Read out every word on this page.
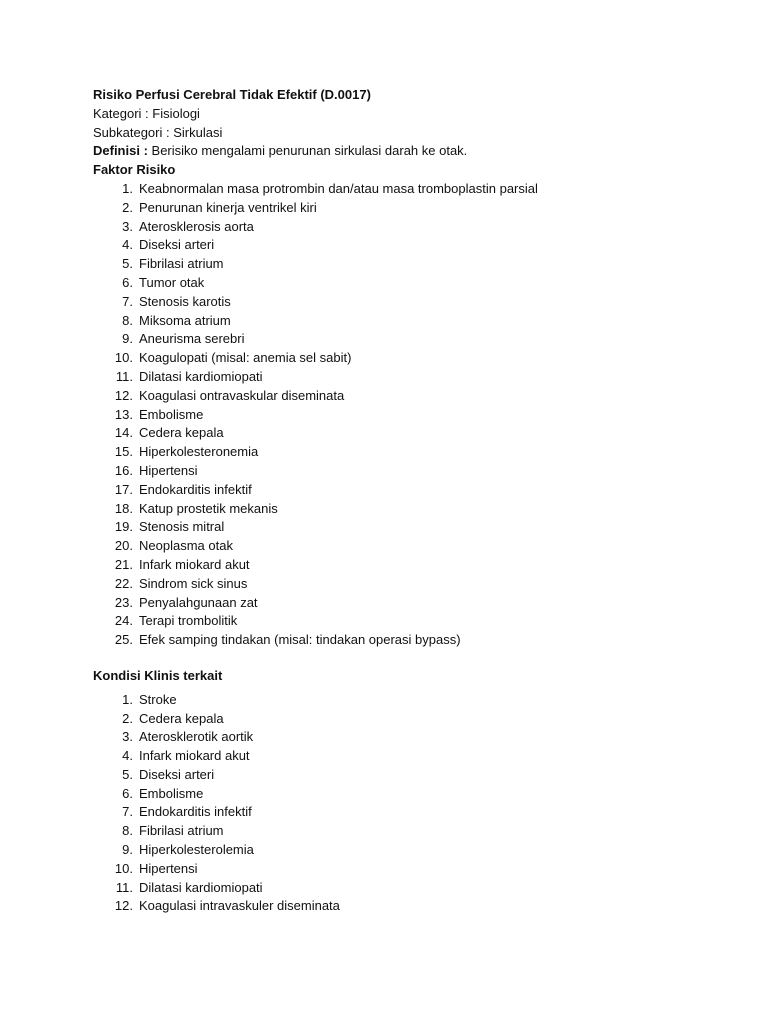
Risiko Perfusi Cerebral Tidak Efektif (D.0017)
Kategori : Fisiologi
Subkategori : Sirkulasi
Definisi : Berisiko mengalami penurunan sirkulasi darah ke otak.
Faktor Risiko
1. Keabnormalan masa protrombin dan/atau masa tromboplastin parsial
2. Penurunan kinerja ventrikel kiri
3. Aterosklerosis aorta
4. Diseksi arteri
5. Fibrilasi atrium
6. Tumor otak
7. Stenosis karotis
8. Miksoma atrium
9. Aneurisma serebri
10. Koagulopati (misal: anemia sel sabit)
11. Dilatasi kardiomiopati
12. Koagulasi ontravaskular diseminata
13. Embolisme
14. Cedera kepala
15. Hiperkolesteronemia
16. Hipertensi
17. Endokarditis infektif
18. Katup prostetik mekanis
19. Stenosis mitral
20. Neoplasma otak
21. Infark miokard akut
22. Sindrom sick sinus
23. Penyalahgunaan zat
24. Terapi trombolitik
25. Efek samping tindakan (misal: tindakan operasi bypass)
Kondisi Klinis terkait
1. Stroke
2. Cedera kepala
3. Aterosklerotik aortik
4. Infark miokard akut
5. Diseksi arteri
6. Embolisme
7. Endokarditis infektif
8. Fibrilasi atrium
9. Hiperkolesterolemia
10. Hipertensi
11. Dilatasi kardiomiopati
12. Koagulasi intravaskuler diseminata
